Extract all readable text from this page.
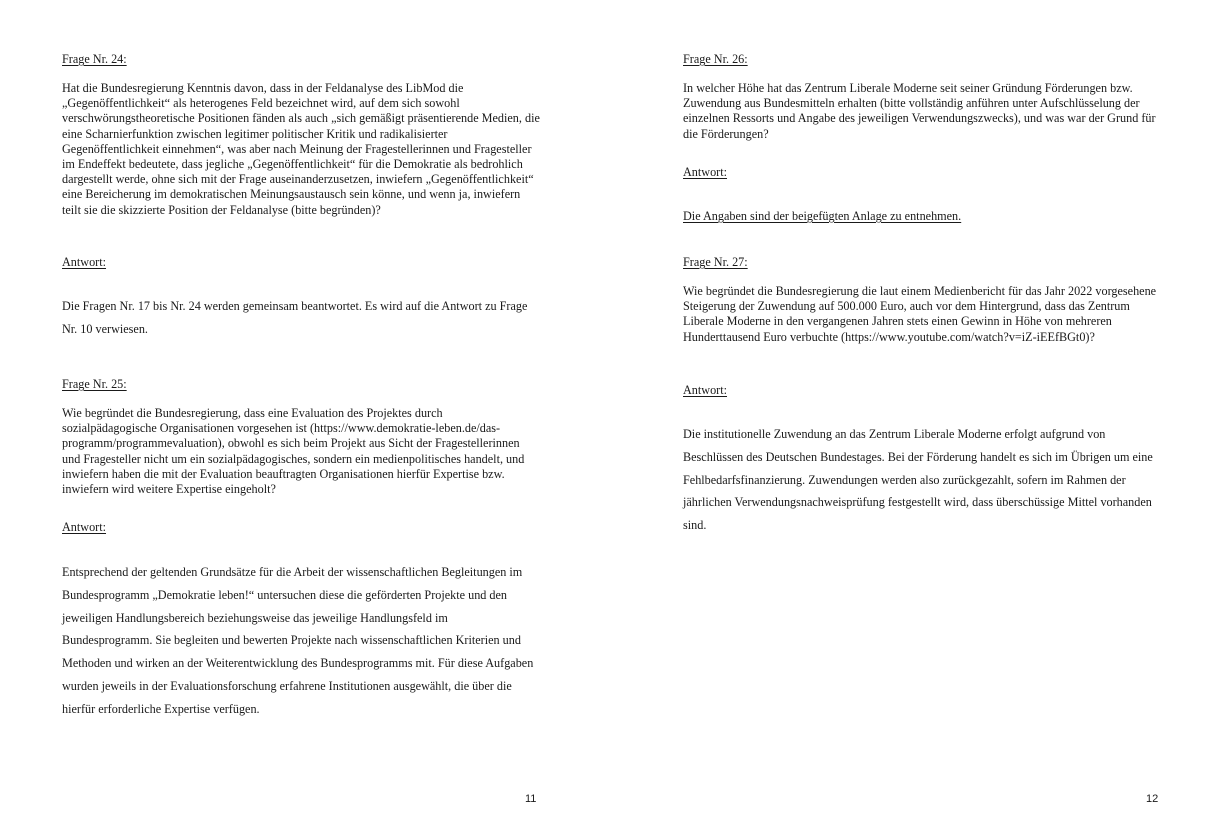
Frage Nr. 24:

Hat die Bundesregierung Kenntnis davon, dass in der Feldanalyse des LibMod die „Gegenöffentlichkeit“ als heterogenes Feld bezeichnet wird, auf dem sich sowohl verschwörungstheoretische Positionen fänden als auch „sich gemäßigt präsentierende Medien, die eine Scharnierfunktion zwischen legitimer politischer Kritik und radikalisierter Gegenöffentlichkeit einnehmen“, was aber nach Meinung der Fragestellerinnen und Fragesteller im Endeffekt bedeutete, dass jegliche „Gegenöffentlichkeit“ für die Demokratie als bedrohlich dargestellt werde, ohne sich mit der Frage auseinanderzusetzen, inwiefern „Gegenöffentlichkeit“ eine Bereicherung im demokratischen Meinungsaustausch sein könne, und wenn ja, inwiefern teilt sie die skizzierte Position der Feldanalyse (bitte begründen)?

Antwort:

Die Fragen Nr. 17 bis Nr. 24 werden gemeinsam beantwortet. Es wird auf die Antwort zu Frage Nr. 10 verwiesen.

Frage Nr. 25:

Wie begründet die Bundesregierung, dass eine Evaluation des Projektes durch sozialpädagogische Organisationen vorgesehen ist (https://www.demokratie-leben.de/das-programm/programmevaluation), obwohl es sich beim Projekt aus Sicht der Fragestellerinnen und Fragesteller nicht um ein sozialpädagogisches, sondern ein medienpolitisches handelt, und inwiefern haben die mit der Evaluation beauftragten Organisationen hierfür Expertise bzw. inwiefern wird weitere Expertise eingeholt?

Antwort:

Entsprechend der geltenden Grundsätze für die Arbeit der wissenschaftlichen Begleitungen im Bundesprogramm „Demokratie leben!“ untersuchen diese die geförderten Projekte und den jeweiligen Handlungsbereich beziehungsweise das jeweilige Handlungsfeld im Bundesprogramm. Sie begleiten und bewerten Projekte nach wissenschaftlichen Kriterien und Methoden und wirken an der Weiterentwicklung des Bundesprogramms mit. Für diese Aufgaben wurden jeweils in der Evaluationsforschung erfahrene Institutionen ausgewählt, die über die hierfür erforderliche Expertise verfügen.

11

Frage Nr. 26:

In welcher Höhe hat das Zentrum Liberale Moderne seit seiner Gründung Förderungen bzw. Zuwendung aus Bundesmitteln erhalten (bitte vollständig anführen unter Aufschlüsselung der einzelnen Ressorts und Angabe des jeweiligen Verwendungszwecks), und was war der Grund für die Förderungen?

Antwort:

Die Angaben sind der beigefügten Anlage zu entnehmen.

Frage Nr. 27:

Wie begründet die Bundesregierung die laut einem Medienbericht für das Jahr 2022 vorgesehene Steigerung der Zuwendung auf 500.000 Euro, auch vor dem Hintergrund, dass das Zentrum Liberale Moderne in den vergangenen Jahren stets einen Gewinn in Höhe von mehreren Hunderttausend Euro verbuchte (https://www.youtube.com/watch?v=iZ-iEEfBGt0)?

Antwort:

Die institutionelle Zuwendung an das Zentrum Liberale Moderne erfolgt aufgrund von Beschlüssen des Deutschen Bundestages. Bei der Förderung handelt es sich im Übrigen um eine Fehlbedarfsfinanzierung. Zuwendungen werden also zurückgezahlt, sofern im Rahmen der jährlichen Verwendungsnachweisprüfung festgestellt wird, dass überschüssige Mittel vorhanden sind.

12
